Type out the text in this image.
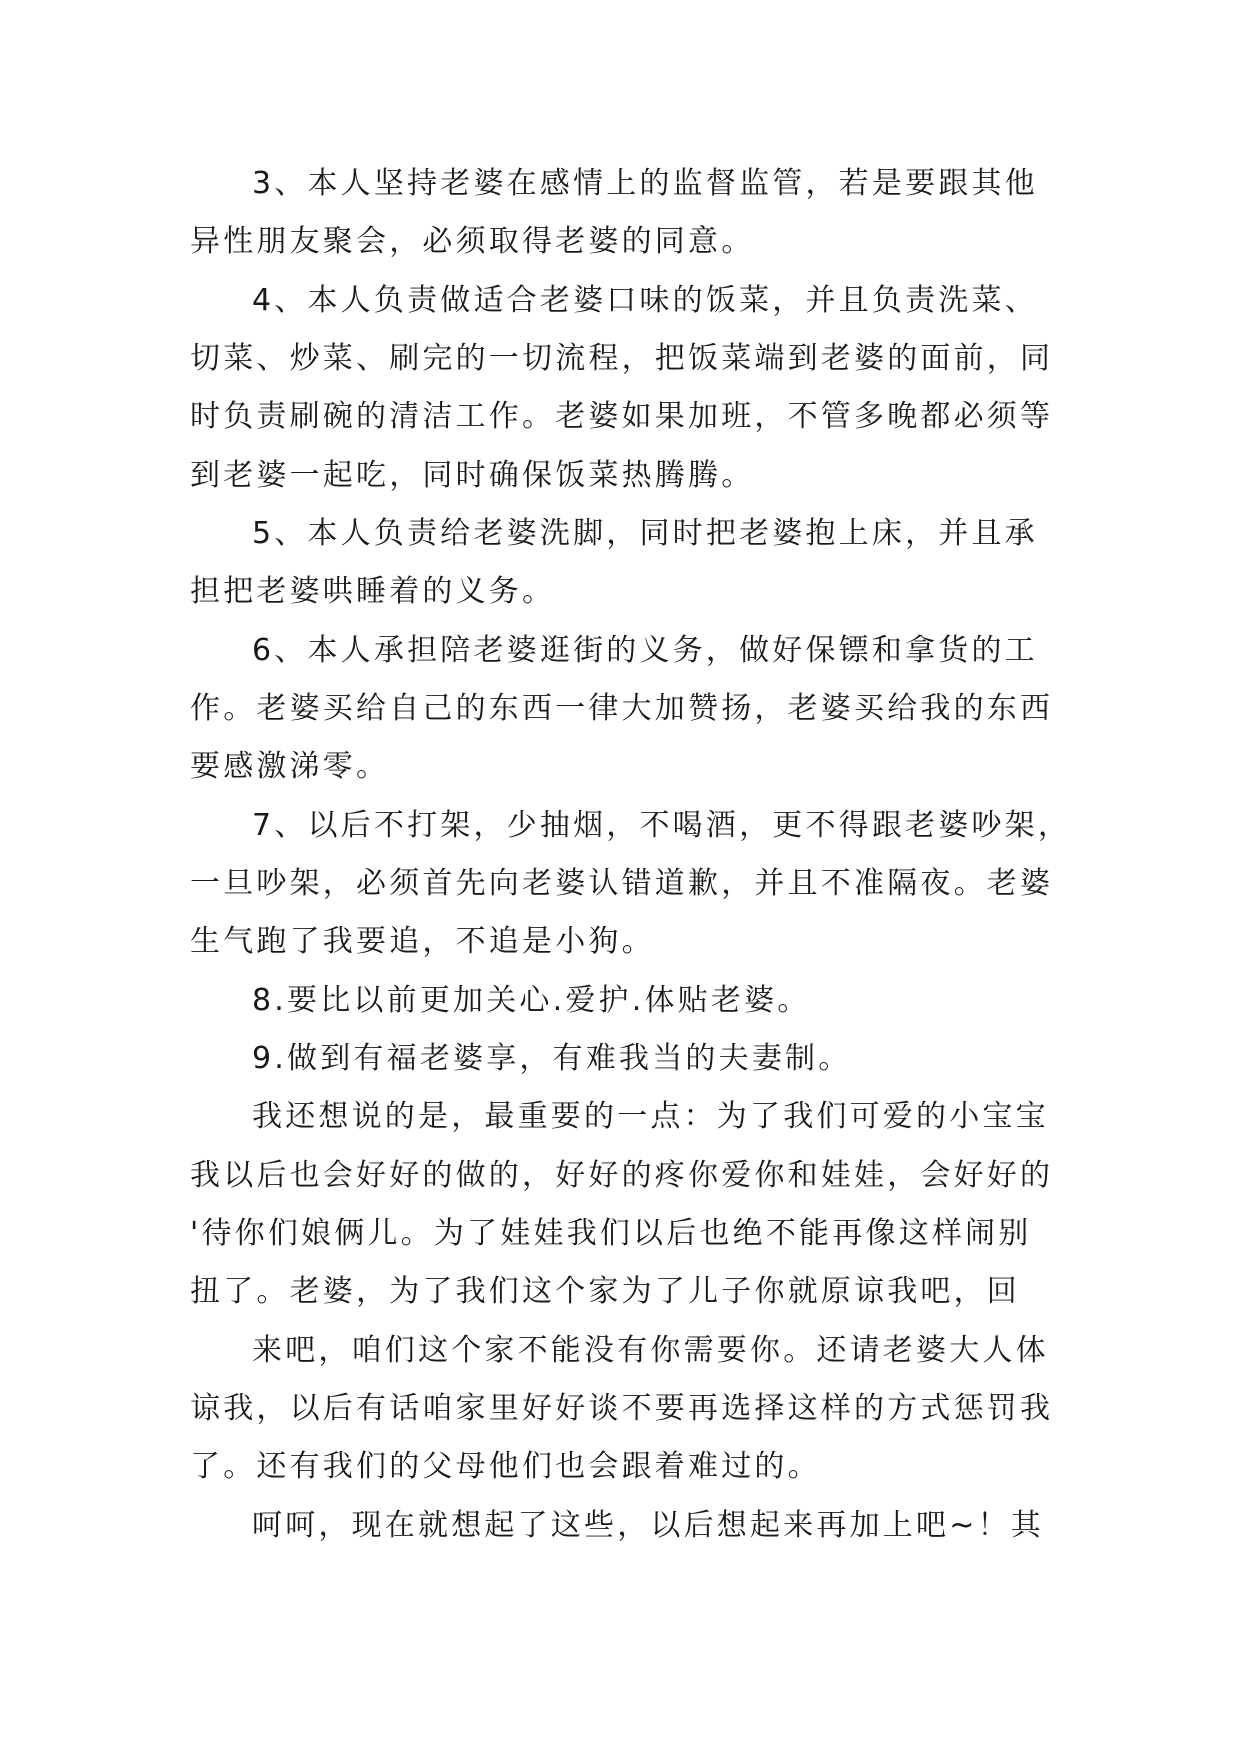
3、本人坚持老婆在感情上的监督监管，若是要跟其他
异性朋友聚会，必须取得老婆的同意。
4、本人负责做适合老婆口味的饭菜，并且负责洗菜、
切菜、炒菜、刷完的一切流程，把饭菜端到老婆的面前，同
时负责刷碗的清洁工作。老婆如果加班，不管多晚都必须等
到老婆一起吃，同时确保饭菜热腾腾。
5、本人负责给老婆洗脚，同时把老婆抱上床，并且承
担把老婆哄睡着的义务。
6、本人承担陪老婆逛街的义务，做好保镖和拿货的工
作。老婆买给自己的东西一律大加赞扬，老婆买给我的东西
要感激涕零。
7、以后不打架，少抽烟，不喝酒，更不得跟老婆吵架，
一旦吵架，必须首先向老婆认错道歉，并且不准隔夜。老婆
生气跑了我要追，不追是小狗。
8.要比以前更加关心.爱护.体贴老婆。
9.做到有福老婆享，有难我当的夫妻制。
我还想说的是，最重要的一点：为了我们可爱的小宝宝
我以后也会好好的做的，好好的疼你爱你和娃娃，会好好的
'待你们娘俩儿。为了娃娃我们以后也绝不能再像这样闹别
扭了。老婆，为了我们这个家为了儿子你就原谅我吧，回
来吧，咱们这个家不能没有你需要你。还请老婆大人体
谅我，以后有话咱家里好好谈不要再选择这样的方式惩罚我
了。还有我们的父母他们也会跟着难过的。
呵呵，现在就想起了这些，以后想起来再加上吧~！其
